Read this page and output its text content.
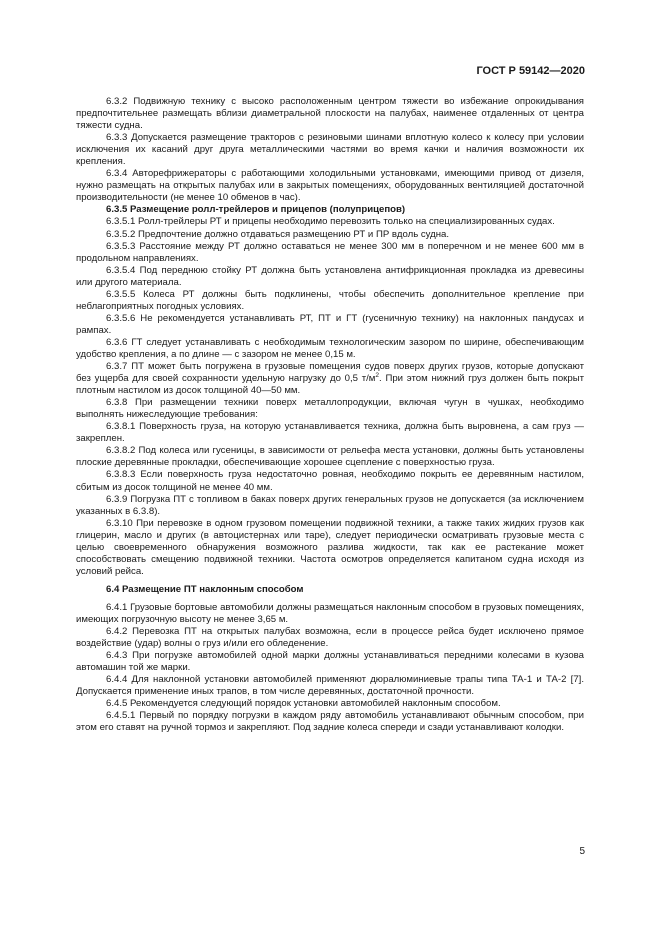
ГОСТ Р 59142—2020

6.3.2 Подвижную технику с высоко расположенным центром тяжести во избежание опрокидывания предпочтительнее размещать вблизи диаметральной плоскости на палубах, наименее отдаленных от центра тяжести судна.

6.3.3 Допускается размещение тракторов с резиновыми шинами вплотную колесо к колесу при условии исключения их касаний друг друга металлическими частями во время качки и наличия возможности их крепления.

6.3.4 Авторефрижераторы с работающими холодильными установками, имеющими привод от дизеля, нужно размещать на открытых палубах или в закрытых помещениях, оборудованных вентиляцией достаточной производительности (не менее 10 обменов в час).

6.3.5 Размещение ролл-трейлеров и прицепов (полуприцепов)

6.3.5.1 Ролл-трейлеры РТ и прицепы необходимо перевозить только на специализированных судах.

6.3.5.2 Предпочтение должно отдаваться размещению РТ и ПР вдоль судна.

6.3.5.3 Расстояние между РТ должно оставаться не менее 300 мм в поперечном и не менее 600 мм в продольном направлениях.

6.3.5.4 Под переднюю стойку РТ должна быть установлена антифрикционная прокладка из древесины или другого материала.

6.3.5.5 Колеса РТ должны быть подклинены, чтобы обеспечить дополнительное крепление при неблагоприятных погодных условиях.

6.3.5.6 Не рекомендуется устанавливать РТ, ПТ и ГТ (гусеничную технику) на наклонных пандусах и рампах.

6.3.6 ГТ следует устанавливать с необходимым технологическим зазором по ширине, обеспечивающим удобство крепления, а по длине — с зазором не менее 0,15 м.

6.3.7 ПТ может быть погружена в грузовые помещения судов поверх других грузов, которые допускают без ущерба для своей сохранности удельную нагрузку до 0,5 $т/м^2$. При этом нижний груз должен быть покрыт плотным настилом из досок толщиной 40—50 мм.

6.3.8 При размещении техники поверх металлопродукции, включая чугун в чушках, необходимо выполнять нижеследующие требования:

6.3.8.1 Поверхность груза, на которую устанавливается техника, должна быть выровнена, а сам груз — закреплен.

6.3.8.2 Под колеса или гусеницы, в зависимости от рельефа места установки, должны быть установлены плоские деревянные прокладки, обеспечивающие хорошее сцепление с поверхностью груза.

6.3.8.3 Если поверхность груза недостаточно ровная, необходимо покрыть ее деревянным настилом, сбитым из досок толщиной не менее 40 мм.

6.3.9 Погрузка ПТ с топливом в баках поверх других генеральных грузов не допускается (за исключением указанных в 6.3.8).

6.3.10 При перевозке в одном грузовом помещении подвижной техники, а также таких жидких грузов как глицерин, масло и других (в автоцистернах или таре), следует периодически осматривать грузовые места с целью своевременного обнаружения возможного разлива жидкости, так как ее растекание может способствовать смещению подвижной техники. Частота осмотров определяется капитаном судна исходя из условий рейса.

6.4 Размещение ПТ наклонным способом

6.4.1 Грузовые бортовые автомобили должны размещаться наклонным способом в грузовых помещениях, имеющих погрузочную высоту не менее 3,65 м.

6.4.2 Перевозка ПТ на открытых палубах возможна, если в процессе рейса будет исключено прямое воздействие (удар) волны о груз и/или его обледенение.

6.4.3 При погрузке автомобилей одной марки должны устанавливаться передними колесами в кузова автомашин той же марки.

6.4.4 Для наклонной установки автомобилей применяют дюралюминиевые трапы типа ТА-1 и ТА-2 [7]. Допускается применение иных трапов, в том числе деревянных, достаточной прочности.

6.4.5 Рекомендуется следующий порядок установки автомобилей наклонным способом.

6.4.5.1 Первый по порядку погрузки в каждом ряду автомобиль устанавливают обычным способом, при этом его ставят на ручной тормоз и закрепляют. Под задние колеса спереди и сзади устанавливают колодки.

5
